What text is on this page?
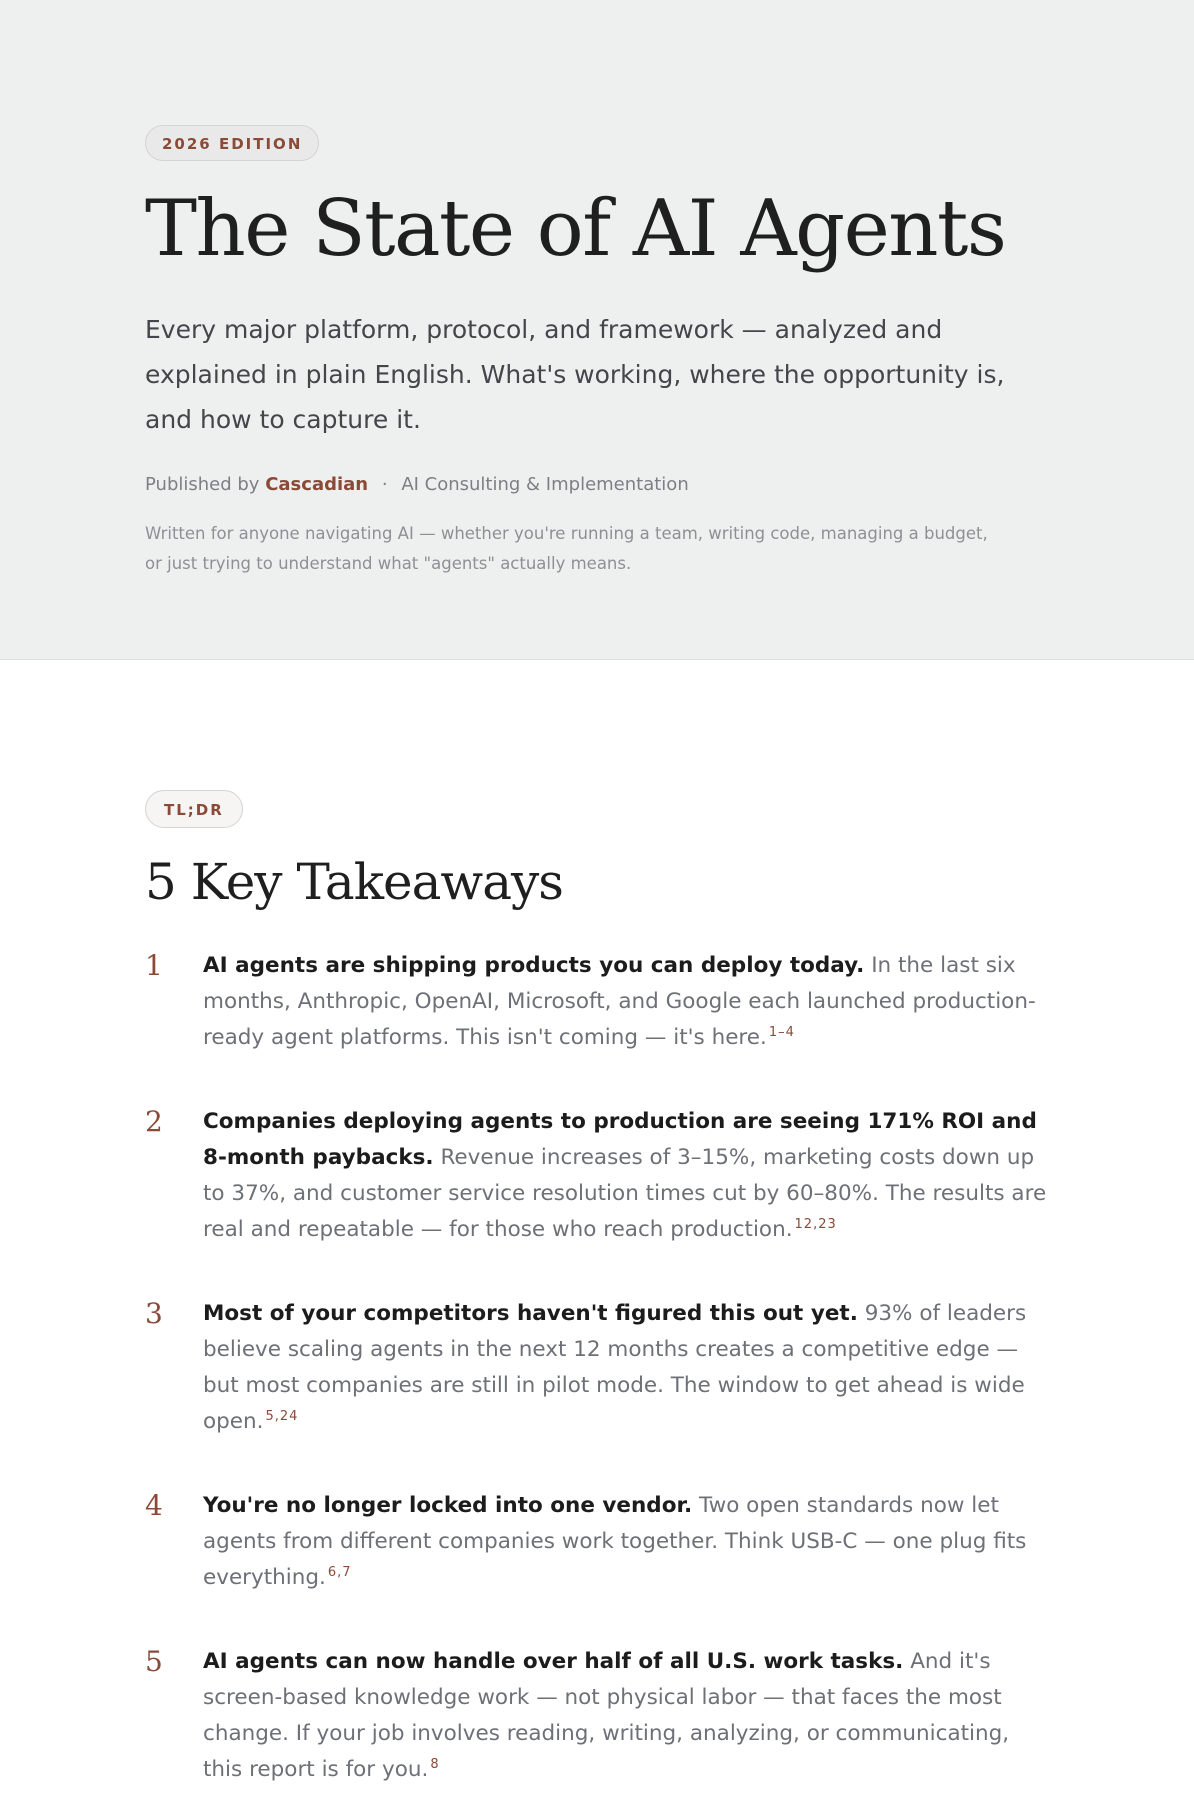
2026 EDITION
The State of AI Agents

Every major platform, protocol, and framework — analyzed and explained in plain English. What's working, where the opportunity is, and how to capture it.

Published by Cascadian · AI Consulting & Implementation

Written for anyone navigating AI — whether you're running a team, writing code, managing a budget, or just trying to understand what "agents" actually means.

TL;DR
5 Key Takeaways
1	AI agents are shipping products you can deploy today. In the last six months, Anthropic, OpenAI, Microsoft, and Google each launched production-ready agent platforms. This isn't coming — it's here. $^{1-4}$
2	Companies deploying agents to production are seeing 171% ROI and 8-month paybacks. Revenue increases of 3–15%, marketing costs down up to 37%, and customer service resolution times cut by 60–80%. The results are real and repeatable — for those who reach production. $^{12,23}$
3	Most of your competitors haven't figured this out yet. 93% of leaders believe scaling agents in the next 12 months creates a competitive edge — but most companies are still in pilot mode. The window to get ahead is wide open. $^{5,24}$
4	You're no longer locked into one vendor. Two open standards now let agents from different companies work together. Think USB-C — one plug fits everything. $^{6,7}$
5	AI agents can now handle over half of all U.S. work tasks. And it's screen-based knowledge work — not physical labor — that faces the most change. If your job involves reading, writing, analyzing, or communicating, this report is for you. $^8$
